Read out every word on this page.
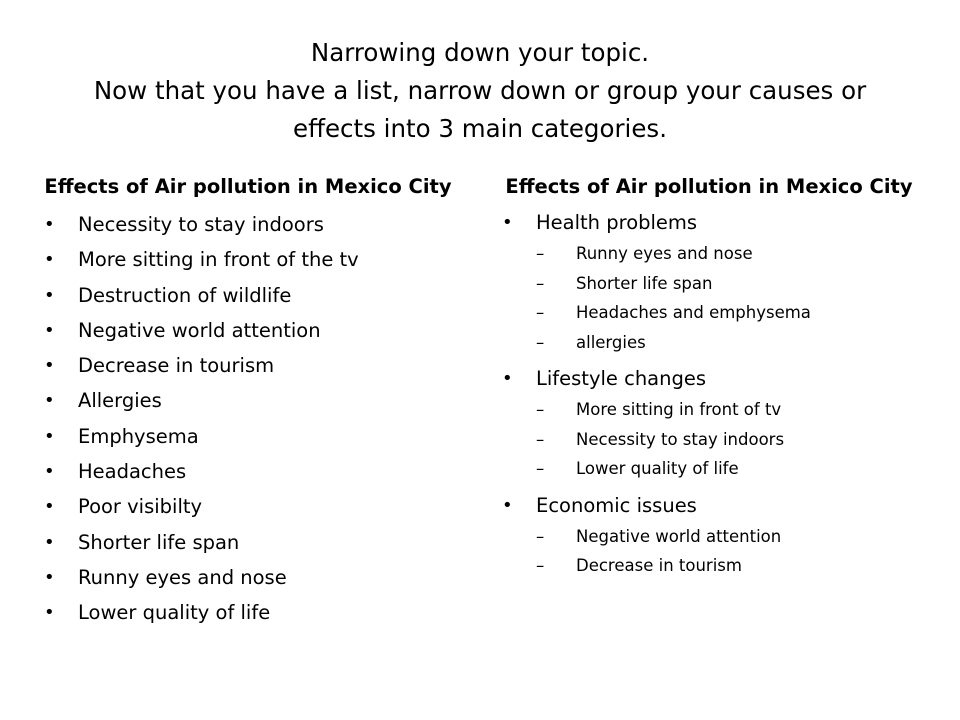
Narrowing down your topic.
Now that you have a list, narrow down or group your causes or
effects into 3 main categories.
Effects of Air pollution in Mexico City
• Necessity to stay indoors
• More sitting in front of the tv
• Destruction of wildlife
• Negative world attention
• Decrease in tourism
• Allergies
• Emphysema
• Headaches
• Poor visibilty
• Shorter life span
• Runny eyes and nose
• Lower quality of life
Effects of Air pollution in Mexico City
• Health problems
– Runny eyes and nose
– Shorter life span
– Headaches and emphysema
– allergies
• Lifestyle changes
– More sitting in front of tv
– Necessity to stay indoors
– Lower quality of life
• Economic issues
– Negative world attention
– Decrease in tourism
